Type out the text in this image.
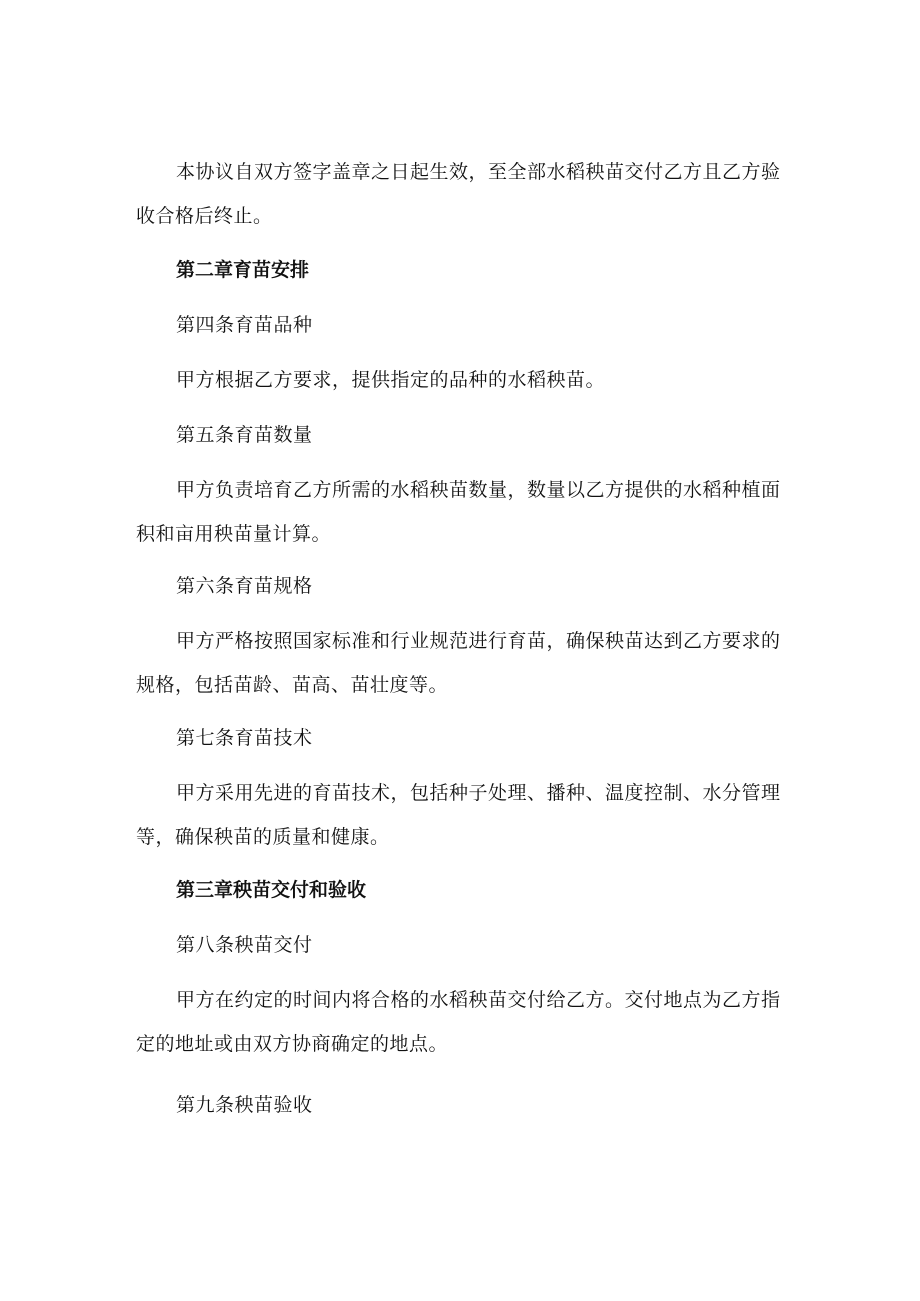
本协议自双方签字盖章之日起生效，至全部水稻秧苗交付乙方且乙方验收合格后终止。

第二章育苗安排

第四条育苗品种

甲方根据乙方要求，提供指定的品种的水稻秧苗。

第五条育苗数量

甲方负责培育乙方所需的水稻秧苗数量，数量以乙方提供的水稻种植面积和亩用秧苗量计算。

第六条育苗规格

甲方严格按照国家标准和行业规范进行育苗，确保秧苗达到乙方要求的规格，包括苗龄、苗高、苗壮度等。

第七条育苗技术

甲方采用先进的育苗技术，包括种子处理、播种、温度控制、水分管理等，确保秧苗的质量和健康。

第三章秧苗交付和验收

第八条秧苗交付

甲方在约定的时间内将合格的水稻秧苗交付给乙方。交付地点为乙方指定的地址或由双方协商确定的地点。

第九条秧苗验收
